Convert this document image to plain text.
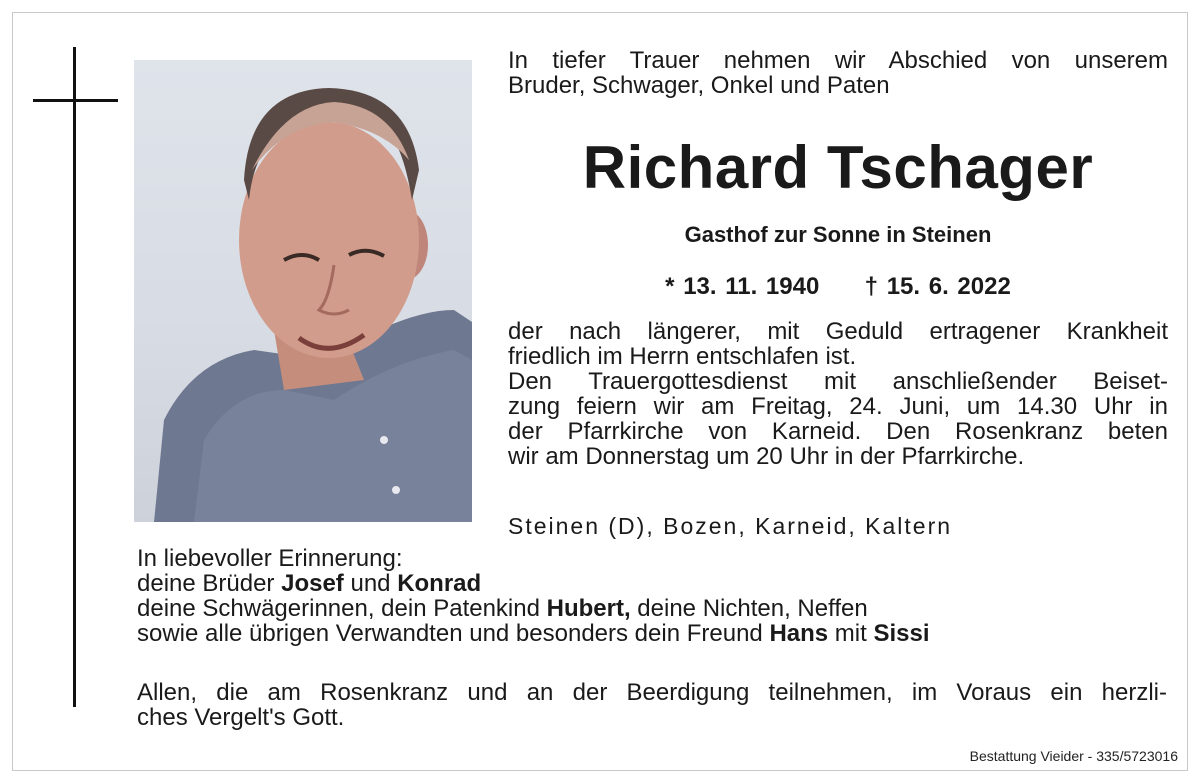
In tiefer Trauer nehmen wir Abschied von unserem
Bruder, Schwager, Onkel und Paten
Richard Tschager
Gasthof zur Sonne in Steinen
* 13. 11. 1940 † 15. 6. 2022
der nach längerer, mit Geduld ertragener Krankheit
friedlich im Herrn entschlafen ist.
Den Trauergottesdienst mit anschließender Beiset-
zung feiern wir am Freitag, 24. Juni, um 14.30 Uhr in
der Pfarrkirche von Karneid. Den Rosenkranz beten
wir am Donnerstag um 20 Uhr in der Pfarrkirche.
Steinen (D), Bozen, Karneid, Kaltern
In liebevoller Erinnerung:
deine Brüder Josef und Konrad
deine Schwägerinnen, dein Patenkind Hubert, deine Nichten, Neffen
sowie alle übrigen Verwandten und besonders dein Freund Hans mit Sissi
Allen, die am Rosenkranz und an der Beerdigung teilnehmen, im Voraus ein herzli-
ches Vergelt's Gott.
Bestattung Vieider - 335/5723016
